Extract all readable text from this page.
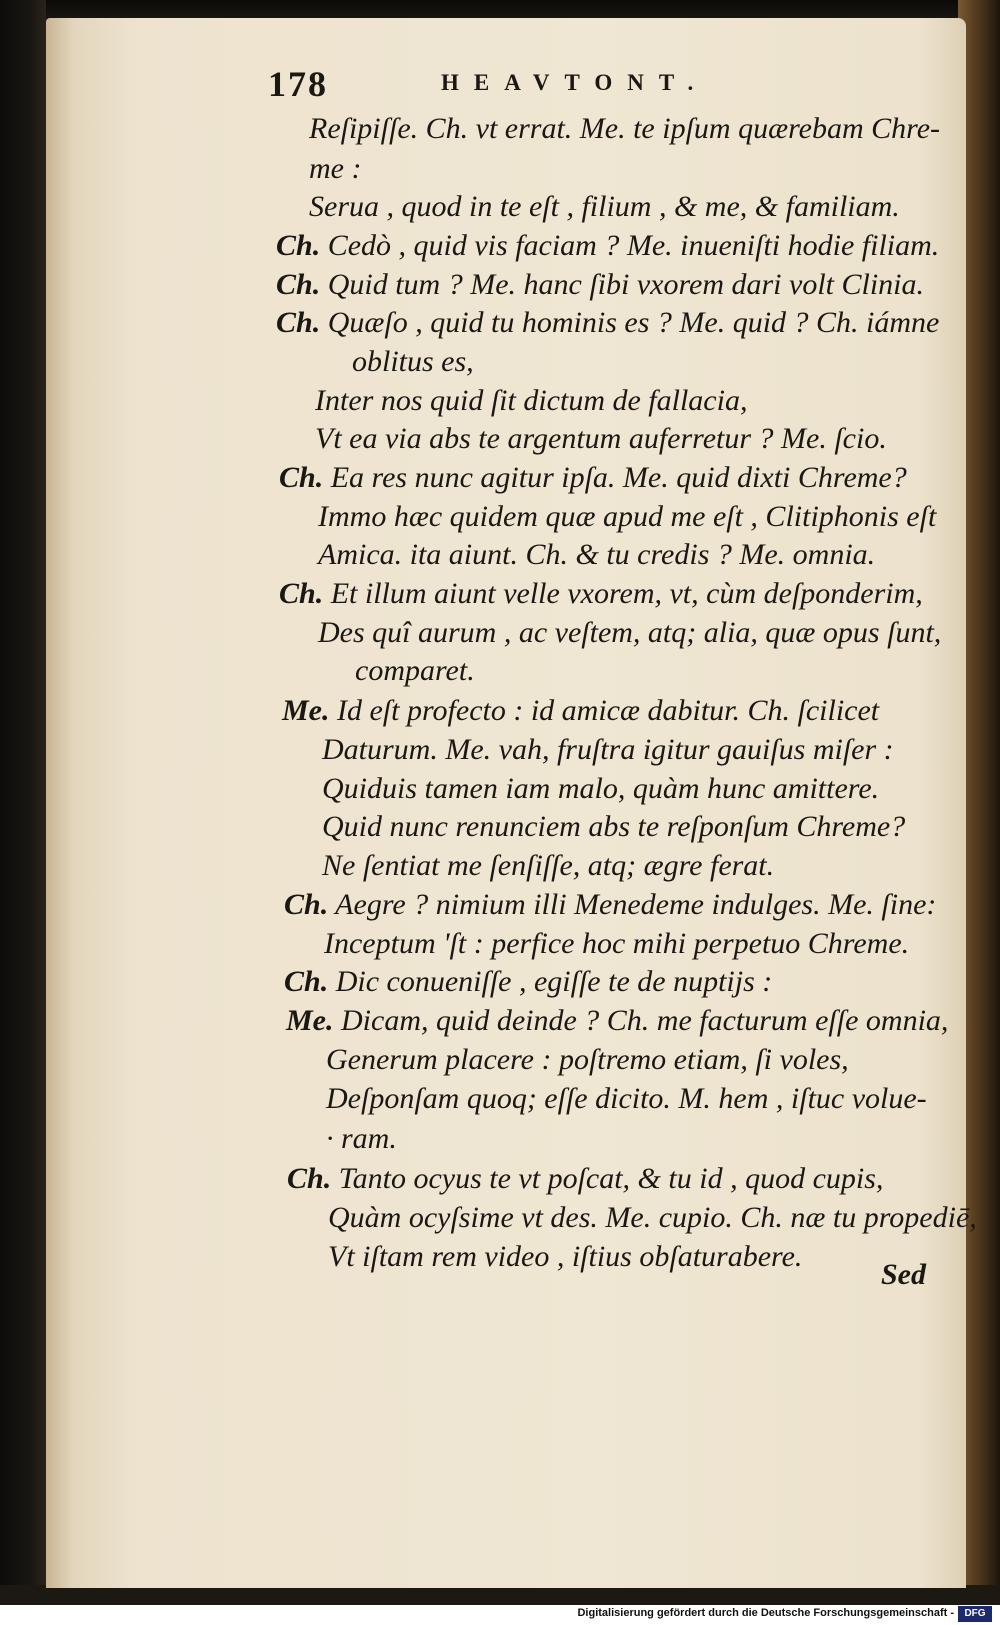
178	HEAVTONT.
Reſipiſſe. Ch. vt errat. Me. te ipſum quærebam Chre-
me :
Serua , quod in te eſt , filium , & me, & familiam.
Ch. Cedò , quid vis faciam ? Me. inueniſti hodie filiam.
Ch. Quid tum ? Me. hanc ſibi vxorem dari volt Clinia.
Ch. Quæſo , quid tu hominis es ? Me. quid ? Ch. iámne
oblitus es,
Inter nos quid ſit dictum de fallacia,
Vt ea via abs te argentum auferretur ? Me. ſcio.
Ch. Ea res nunc agitur ipſa. Me. quid dixti Chreme?
Immo hæc quidem quæ apud me eſt , Clitiphonis eſt
Amica. ita aiunt. Ch. & tu credis ? Me. omnia.
Ch. Et illum aiunt velle vxorem, vt, cùm deſponderim,
Des quî aurum , ac veſtem, atq; alia, quæ opus ſunt,
comparet.
Me. Id eſt profecto : id amicæ dabitur. Ch. ſcilicet
Daturum. Me. vah, fruſtra igitur gauiſus miſer :
Quiduis tamen iam malo, quàm hunc amittere.
Quid nunc renunciem abs te reſponſum Chreme?
Ne ſentiat me ſenſiſſe, atq; ægre ferat.
Ch. Aegre ? nimium illi Menedeme indulges. Me. ſine:
Inceptum 'ſt : perfice hoc mihi perpetuo Chreme.
Ch. Dic conueniſſe , egiſſe te de nuptijs :
Me. Dicam, quid deinde ? Ch. me facturum eſſe omnia,
Generum placere : poſtremo etiam, ſi voles,
Deſponſam quoq; eſſe dicito. M. hem , iſtuc volue-
· ram.
Ch. Tanto ocyus te vt poſcat, & tu id , quod cupis,
Quàm ocyſsime vt des. Me. cupio. Ch. næ tu propediē,
Vt iſtam rem video , iſtius obſaturabere.
Sed
Digitalisierung gefördert durch die Deutsche Forschungsgemeinschaft -	DFG
